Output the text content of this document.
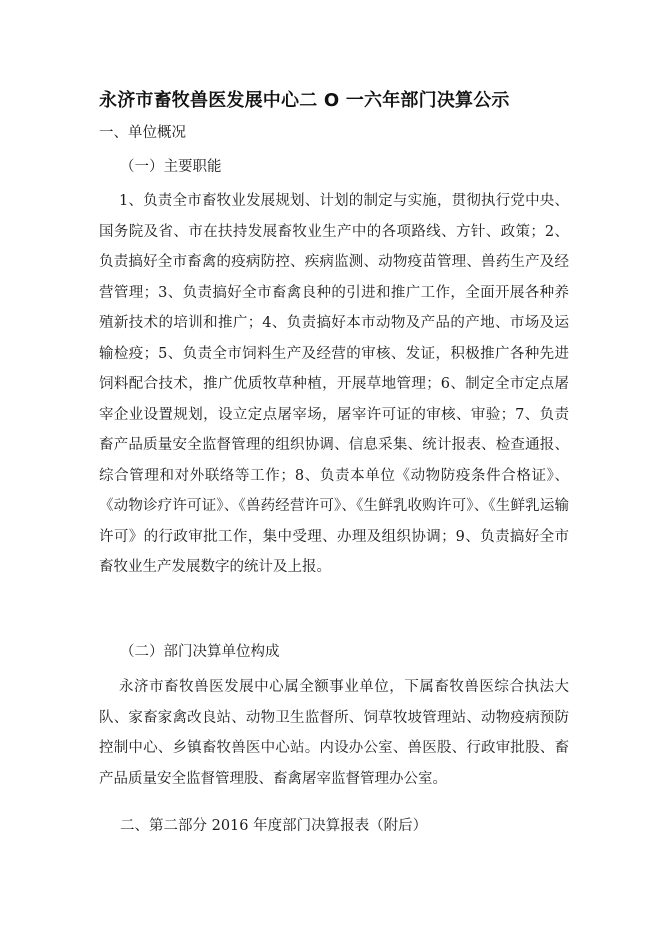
永济市畜牧兽医发展中心二 O 一六年部门决算公示
一、单位概况
（一）主要职能

1、负责全市畜牧业发展规划、计划的制定与实施，贯彻执行党中央、国务院及省、市在扶持发展畜牧业生产中的各项路线、方针、政策；2、负责搞好全市畜禽的疫病防控、疾病监测、动物疫苗管理、兽药生产及经营管理；3、负责搞好全市畜禽良种的引进和推广工作，全面开展各种养殖新技术的培训和推广；4、负责搞好本市动物及产品的产地、市场及运输检疫；5、负责全市饲料生产及经营的审核、发证，积极推广各种先进饲料配合技术，推广优质牧草种植，开展草地管理；6、制定全市定点屠宰企业设置规划，设立定点屠宰场，屠宰许可证的审核、审验；7、负责畜产品质量安全监督管理的组织协调、信息采集、统计报表、检查通报、综合管理和对外联络等工作；8、负责本单位《动物防疫条件合格证》、《动物诊疗许可证》、《兽药经营许可》、《生鲜乳收购许可》、《生鲜乳运输许可》的行政审批工作，集中受理、办理及组织协调；9、负责搞好全市畜牧业生产发展数字的统计及上报。

（二）部门决算单位构成

永济市畜牧兽医发展中心属全额事业单位，下属畜牧兽医综合执法大队、家畜家禽改良站、动物卫生监督所、饲草牧坡管理站、动物疫病预防控制中心、乡镇畜牧兽医中心站。内设办公室、兽医股、行政审批股、畜产品质量安全监督管理股、畜禽屠宰监督管理办公室。

二、第二部分 2016 年度部门决算报表（附后）
